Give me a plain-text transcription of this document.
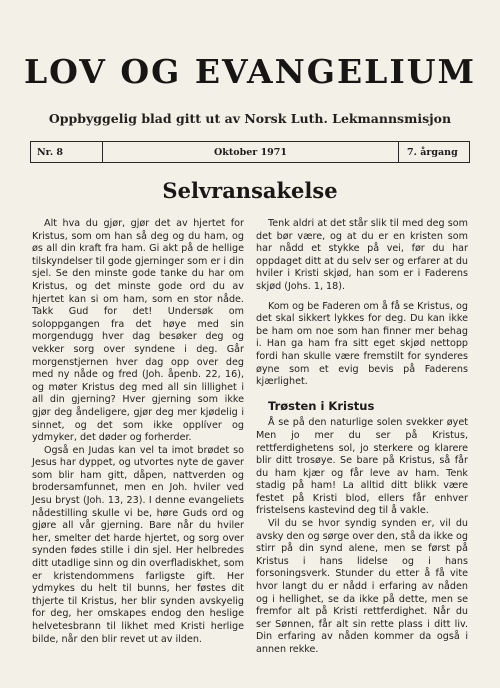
LOV OG EVANGELIUM
Oppbyggelig blad gitt ut av Norsk Luth. Lekmannsmisjon
Nr. 8	Oktober 1971	7. årgang
Selvransakelse

Alt hva du gjør, gjør det av hjertet for Kristus, som om han så deg og du ham, og øs all din kraft fra ham. Gi akt på de hellige tilskyndelser til gode gjerninger som er i din sjel. Se den minste gode tanke du har om Kristus, og det minste gode ord du av hjertet kan si om ham, som en stor nåde. Takk Gud for det! Undersøk om soloppgangen fra det høye med sin morgendugg hver dag besøker deg og vekker sorg over syndene i deg. Går morgenstjernen hver dag opp over deg med ny nåde og fred (Joh. åpenb. 22, 16), og møter Kristus deg med all sin lillighet i all din gjerning? Hver gjerning som ikke gjør deg åndeligere, gjør deg mer kjødelig i sinnet, og det som ikke opplíver og ydmyker, det døder og forherder.

Også en Judas kan vel ta imot brødet so Jesus har dyppet, og utvortes nyte de gaver som blir ham gitt, dåpen, nattverden og brodersamfunnet, men en Joh. hviler ved Jesu bryst (Joh. 13, 23). I denne evangeliets nådestilling skulle vi be, høre Guds ord og gjøre all vår gjerning. Bare når du hviler her, smelter det harde hjertet, og sorg over synden fødes stille i din sjel. Her helbredes ditt utadlige sinn og din overfladiskhet, som er kristendommens farligste gift. Her ydmykes du helt til bunns, her føstes dit thjerte til Kristus, her blir synden avskyelig for deg, her omskapes endog den heslige helvetesbrann til likhet med Kristi herlige bilde, når den blir revet ut av ilden.

Tenk aldri at det står slik til med deg som det bør være, og at du er en kristen som har nådd et stykke på vei, før du har oppdaget ditt at du selv ser og erfarer at du hviler i Kristi skjød, han som er i Faderens skjød (Johs. 1, 18).

Kom og be Faderen om å få se Kristus, og det skal sikkert lykkes for deg. Du kan ikke be ham om noe som han finner mer behag i. Han ga ham fra sitt eget skjød nettopp fordi han skulle være fremstilt for synderes øyne som et evig bevis på Faderens kjærlighet.

Trøsten i Kristus

Å se på den naturlige solen svekker øyet Men jo mer du ser på Kristus, rettferdighetens sol, jo sterkere og klarere blir ditt trosøye. Se bare på Kristus, så får du ham kjær og får leve av ham. Tenk stadig på ham! La alltid ditt blikk være festet på Kristi blod, ellers får enhver fristelsens kastevind deg til å vakle.

Vil du se hvor syndig synden er, vil du avsky den og sørge over den, stå da ikke og stirr på din synd alene, men se først på Kristus i hans lidelse og i hans forsoningsverk. Stunder du etter å få vite hvor langt du er nådd i erfaring av nåden og i hellighet, se da ikke på dette, men se fremfor alt på Kristi rettferdighet. Når du ser Sønnen, får alt sin rette plass i ditt liv. Din erfaring av nåden kommer da også i annen rekke.
